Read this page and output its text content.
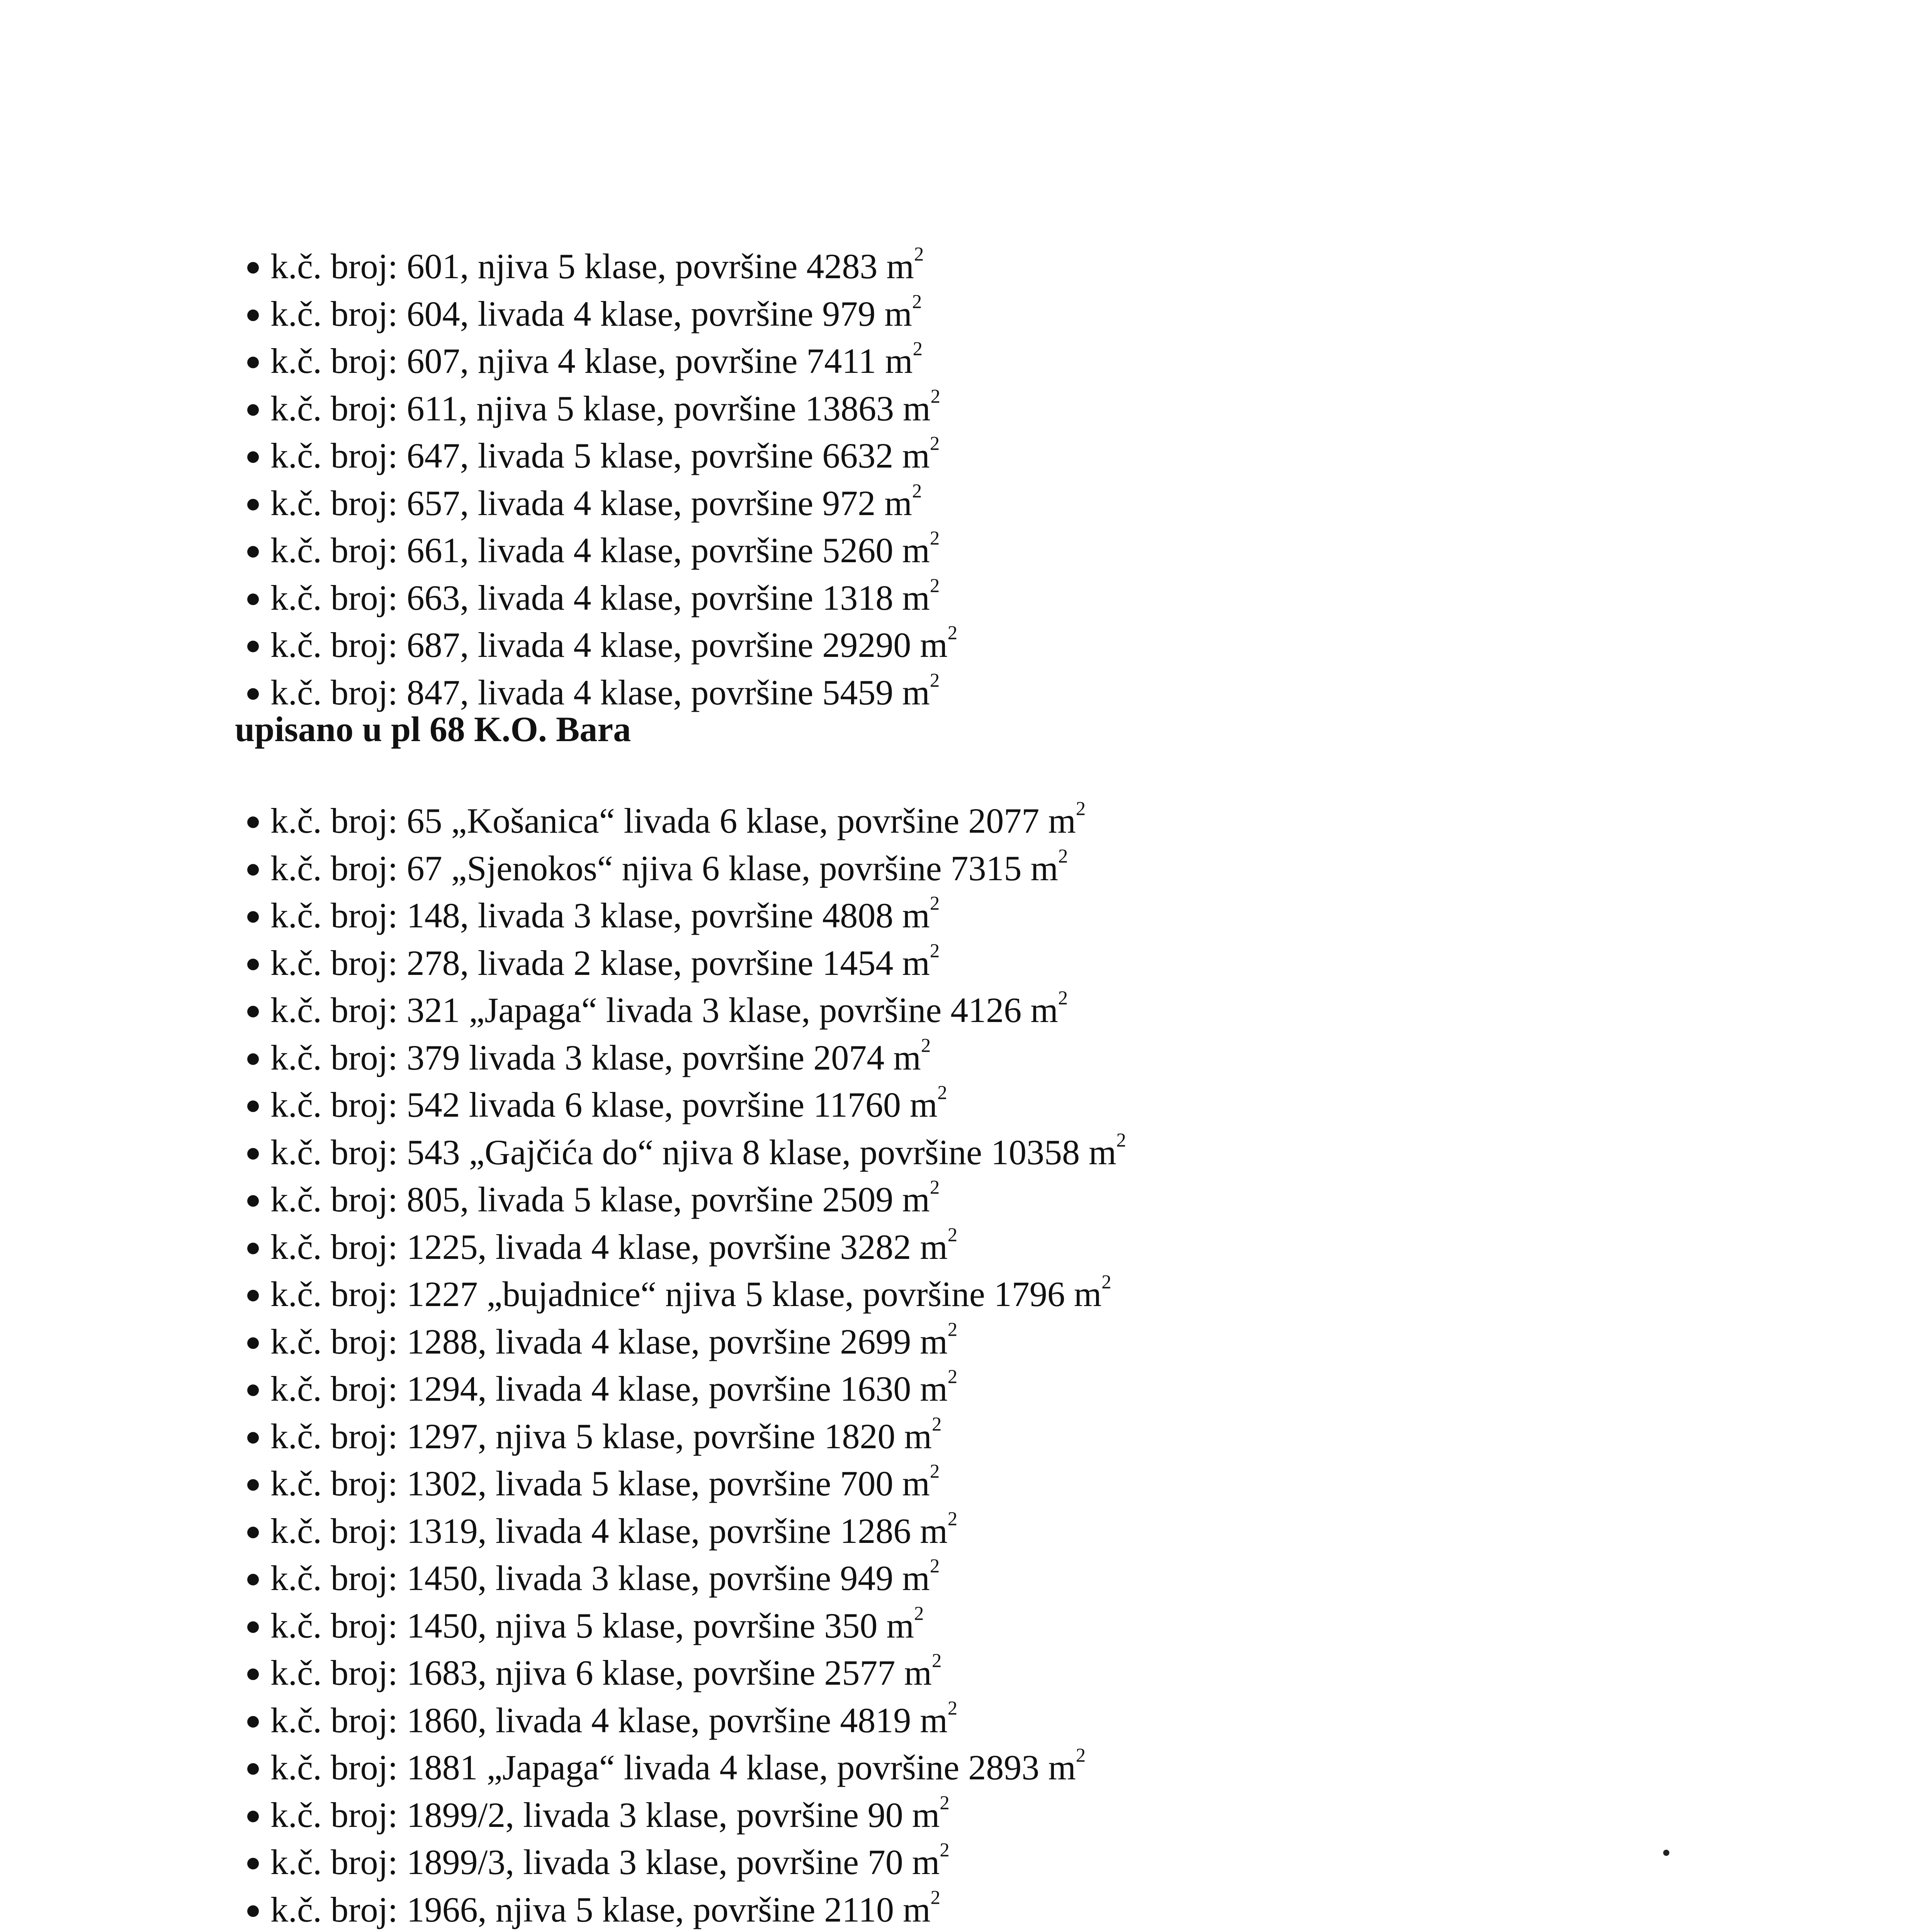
k.č. broj: 601, njiva 5 klase, površine 4283 $m^2$
k.č. broj: 604, livada 4 klase, površine 979 $m^2$
k.č. broj: 607, njiva 4 klase, površine 7411 $m^2$
k.č. broj: 611, njiva 5 klase, površine 13863 $m^2$
k.č. broj: 647, livada 5 klase, površine 6632 $m^2$
k.č. broj: 657, livada 4 klase, površine 972 $m^2$
k.č. broj: 661, livada 4 klase, površine 5260 $m^2$
k.č. broj: 663, livada 4 klase, površine 1318 $m^2$
k.č. broj: 687, livada 4 klase, površine 29290 $m^2$
k.č. broj: 847, livada 4 klase, površine 5459 $m^2$
upisano u pl 68 K.O. Bara
k.č. broj: 65 „Košanica“ livada 6 klase, površine 2077 $m^2$
k.č. broj: 67 „Sjenokos“ njiva 6 klase, površine 7315 $m^2$
k.č. broj: 148, livada 3 klase, površine 4808 $m^2$
k.č. broj: 278, livada 2 klase, površine 1454 $m^2$
k.č. broj: 321 „Japaga“ livada 3 klase, površine 4126 $m^2$
k.č. broj: 379 livada 3 klase, površine 2074 $m^2$
k.č. broj: 542 livada 6 klase, površine 11760 $m^2$
k.č. broj: 543 „Gajčića do“ njiva 8 klase, površine 10358 $m^2$
k.č. broj: 805, livada 5 klase, površine 2509 $m^2$
k.č. broj: 1225, livada 4 klase, površine 3282 $m^2$
k.č. broj: 1227 „bujadnice“ njiva 5 klase, površine 1796 $m^2$
k.č. broj: 1288, livada 4 klase, površine 2699 $m^2$
k.č. broj: 1294, livada 4 klase, površine 1630 $m^2$
k.č. broj: 1297, njiva 5 klase, površine 1820 $m^2$
k.č. broj: 1302, livada 5 klase, površine 700 $m^2$
k.č. broj: 1319, livada 4 klase, površine 1286 $m^2$
k.č. broj: 1450, livada 3 klase, površine 949 $m^2$
k.č. broj: 1450, njiva 5 klase, površine 350 $m^2$
k.č. broj: 1683, njiva 6 klase, površine 2577 $m^2$
k.č. broj: 1860, livada 4 klase, površine 4819 $m^2$
k.č. broj: 1881 „Japaga“ livada 4 klase, površine 2893 $m^2$
k.č. broj: 1899/2, livada 3 klase, površine 90 $m^2$
k.č. broj: 1899/3, livada 3 klase, površine 70 $m^2$
k.č. broj: 1966, njiva 5 klase, površine 2110 $m^2$
